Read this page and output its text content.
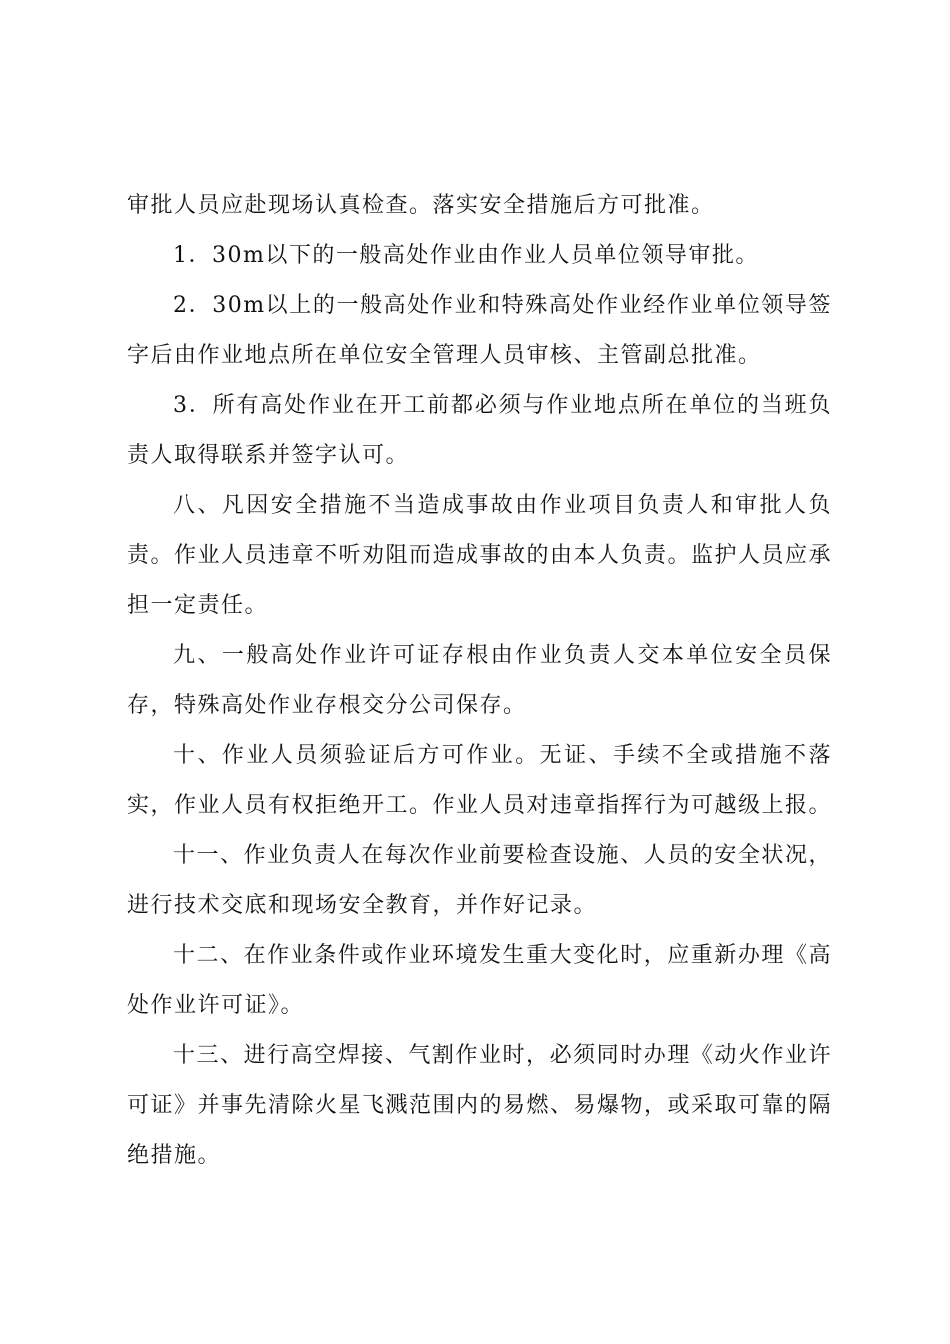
审批人员应赴现场认真检查。落实安全措施后方可批准。

1．30m以下的一般高处作业由作业人员单位领导审批。

2．30m以上的一般高处作业和特殊高处作业经作业单位领导签字后由作业地点所在单位安全管理人员审核、主管副总批准。

3．所有高处作业在开工前都必须与作业地点所在单位的当班负责人取得联系并签字认可。

八、凡因安全措施不当造成事故由作业项目负责人和审批人负责。作业人员违章不听劝阻而造成事故的由本人负责。监护人员应承担一定责任。

九、一般高处作业许可证存根由作业负责人交本单位安全员保存，特殊高处作业存根交分公司保存。

十、作业人员须验证后方可作业。无证、手续不全或措施不落实，作业人员有权拒绝开工。作业人员对违章指挥行为可越级上报。

十一、作业负责人在每次作业前要检查设施、人员的安全状况，进行技术交底和现场安全教育，并作好记录。

十二、在作业条件或作业环境发生重大变化时，应重新办理《高处作业许可证》。

十三、进行高空焊接、气割作业时，必须同时办理《动火作业许可证》并事先清除火星飞溅范围内的易燃、易爆物，或采取可靠的隔绝措施。
